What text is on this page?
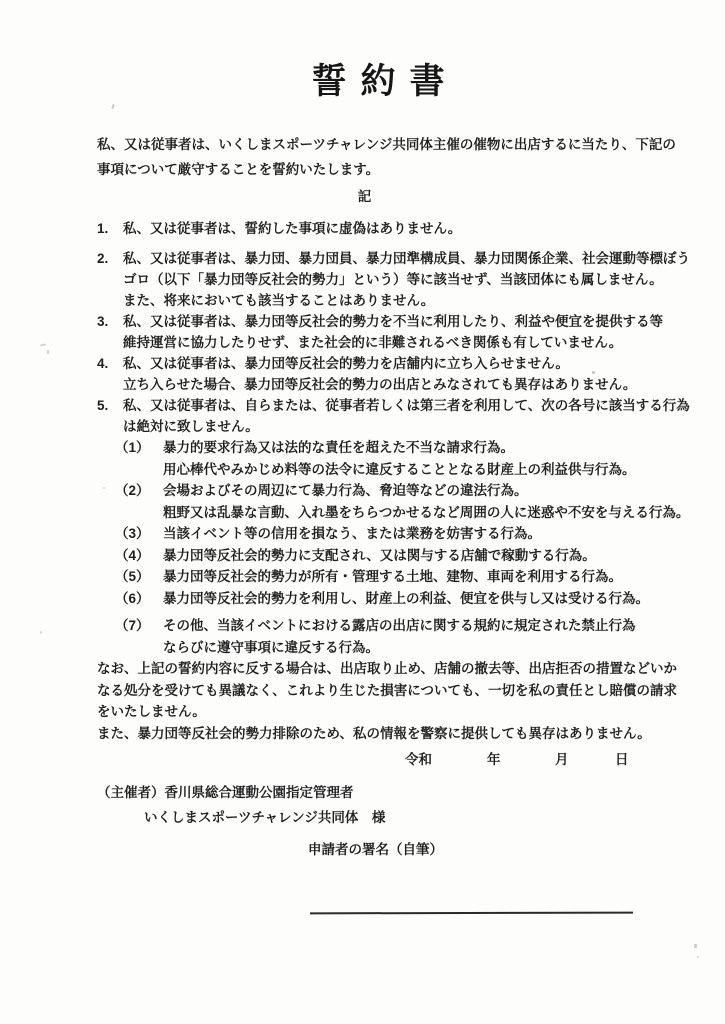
誓約書
私、又は従事者は、いくしまスポーツチャレンジ共同体主催の催物に出店するに当たり、下記の
事項について厳守することを誓約いたします。
記
1. 私、又は従事者は、誓約した事項に虚偽はありません。
2. 私、又は従事者は、暴力団、暴力団員、暴力団準構成員、暴力団関係企業、社会運動等標ぼう
ゴロ（以下「暴力団等反社会的勢力」という）等に該当せず、当該団体にも属しません。
また、将来においても該当することはありません。
3. 私、又は従事者は、暴力団等反社会的勢力を不当に利用したり、利益や便宜を提供する等
維持運営に協力したりせず、また社会的に非難されるべき関係も有していません。
4. 私、又は従事者は、暴力団等反社会的勢力を店舗内に立ち入らせません。
立ち入らせた場合、暴力団等反社会的勢力の出店とみなされても異存はありません。
5. 私、又は従事者は、自らまたは、従事者若しくは第三者を利用して、次の各号に該当する行為
は絶対に致しません。
（1） 暴力的要求行為又は法的な責任を超えた不当な請求行為。
用心棒代やみかじめ料等の法令に違反することとなる財産上の利益供与行為。
（2） 会場およびその周辺にて暴力行為、脅迫等などの違法行為。
粗野又は乱暴な言動、入れ墨をちらつかせるなど周囲の人に迷惑や不安を与える行為。
（3） 当該イベント等の信用を損なう、または業務を妨害する行為。
（4） 暴力団等反社会的勢力に支配され、又は関与する店舗で稼動する行為。
（5） 暴力団等反社会的勢力が所有・管理する土地、建物、車両を利用する行為。
（6） 暴力団等反社会的勢力を利用し、財産上の利益、便宜を供与し又は受ける行為。
（7） その他、当該イベントにおける露店の出店に関する規約に規定された禁止行為
ならびに遵守事項に違反する行為。
なお、上記の誓約内容に反する場合は、出店取り止め、店舗の撤去等、出店拒否の措置などいか
なる処分を受けても異議なく、これより生じた損害についても、一切を私の責任とし賠償の請求
をいたしません。
また、暴力団等反社会的勢力排除のため、私の情報を警察に提供しても異存はありません。
令和	年	月	日
（主催者）香川県総合運動公園指定管理者
いくしまスポーツチャレンジ共同体　様
申請者の署名（自筆）
